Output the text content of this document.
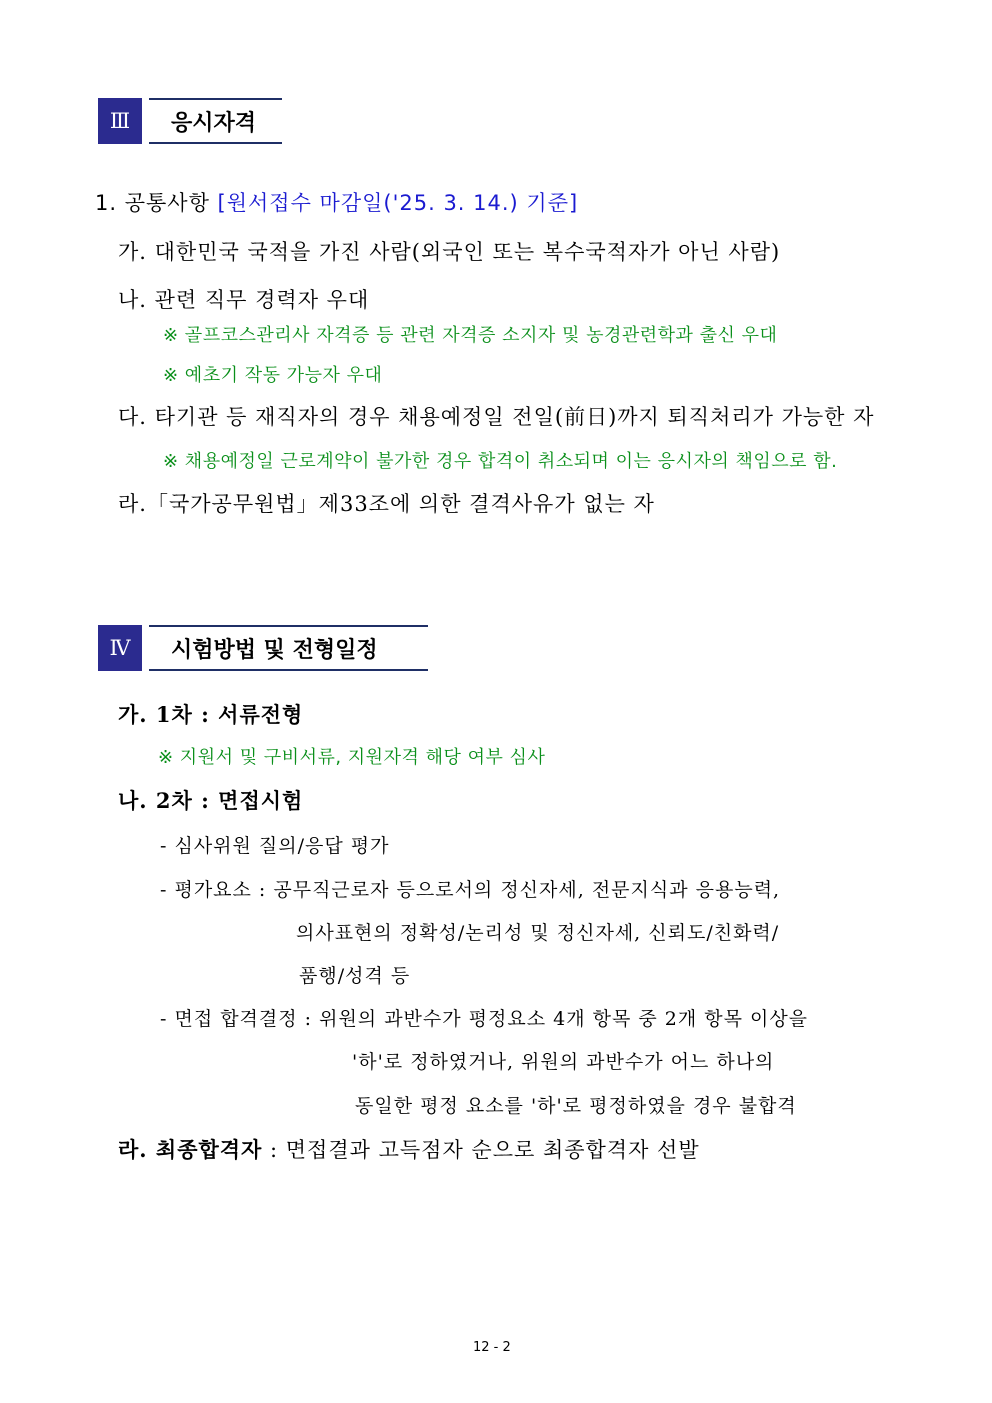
Ⅲ	응시자격
1. 공통사항 [원서접수 마감일('25. 3. 14.) 기준]
가. 대한민국 국적을 가진 사람(외국인 또는 복수국적자가 아닌 사람)
나. 관련 직무 경력자 우대
※ 골프코스관리사 자격증 등 관련 자격증 소지자 및 농경관련학과 출신 우대
※ 예초기 작동 가능자 우대
다. 타기관 등 재직자의 경우 채용예정일 전일(前日)까지 퇴직처리가 가능한 자
※ 채용예정일 근로계약이 불가한 경우 합격이 취소되며 이는 응시자의 책임으로 함.
라.「국가공무원법」제33조에 의한 결격사유가 없는 자
Ⅳ	시험방법 및 전형일정
가. 1차 : 서류전형
※ 지원서 및 구비서류, 지원자격 해당 여부 심사
나. 2차 : 면접시험
- 심사위원 질의/응답 평가
- 평가요소 : 공무직근로자 등으로서의 정신자세, 전문지식과 응용능력,
의사표현의 정확성/논리성 및 정신자세, 신뢰도/친화력/
품행/성격 등
- 면접 합격결정 : 위원의 과반수가 평정요소 4개 항목 중 2개 항목 이상을
'하'로 정하였거나, 위원의 과반수가 어느 하나의
동일한 평정 요소를 '하'로 평정하였을 경우 불합격
라. 최종합격자 : 면접결과 고득점자 순으로 최종합격자 선발
12 - 2
